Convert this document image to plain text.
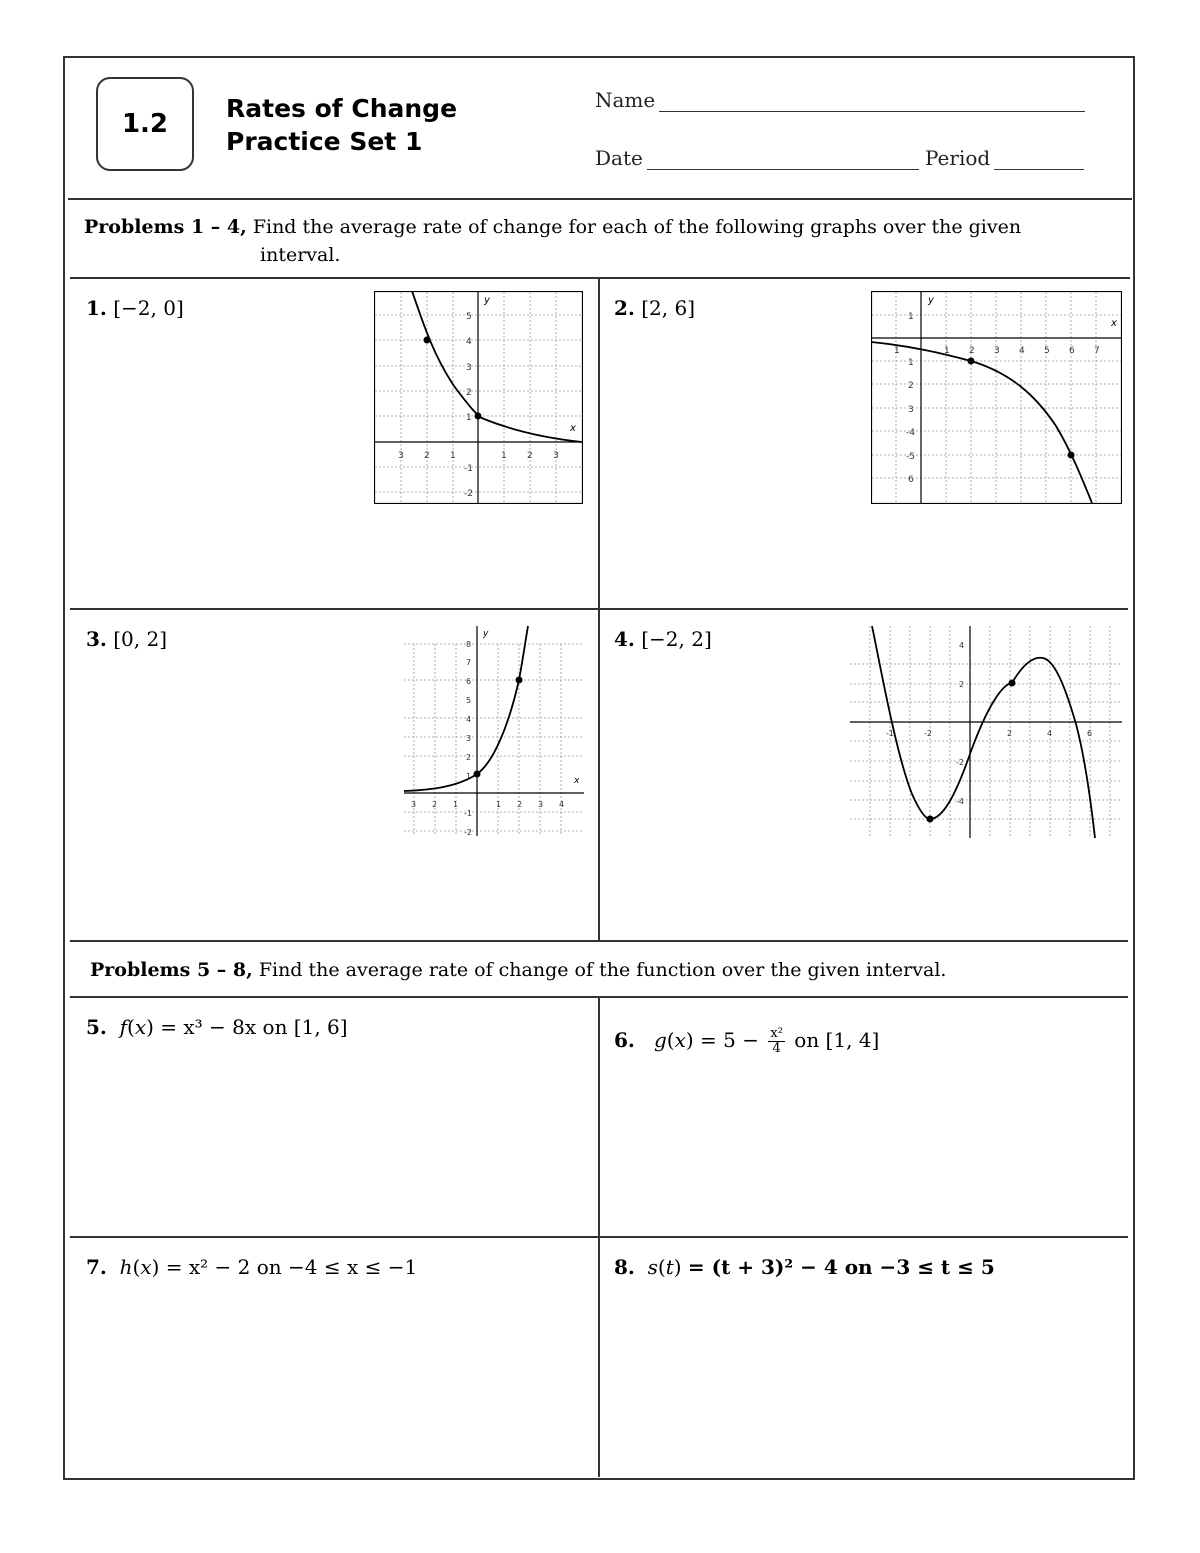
1.2
Rates of Change
Practice Set 1
Name
Date	Period
Problems 1 – 4, Find the average rate of change for each of the following graphs over the given
interval.
1. [−2, 0]	2. [2, 6]
3. [0, 2]	4. [−2, 2]
Problems 5 – 8, Find the average rate of change of the function over the given interval.
5. f(x) = x³ − 8x on [1, 6]
6. $g(x) = 5 - \frac{\text{x²}}{4}$ on [1, 4]
7. h(x) = x² − 2 on −4 ≤ x ≤ −1	8. s(t) = (t + 3)² − 4 on −3 ≤ t ≤ 5
3 2 1	1 2 3
5
4
3
2
1
-1
-2
y
x
1	1 2 3 4 5 6 7
1
1
2
3
-4
-5
6
y
x
3 2 1	1 2 3 4
8
7
6
5
4
3
2
1
-1
-2
y
x
-1	-2	2	4	6
4
2
-2
-4
